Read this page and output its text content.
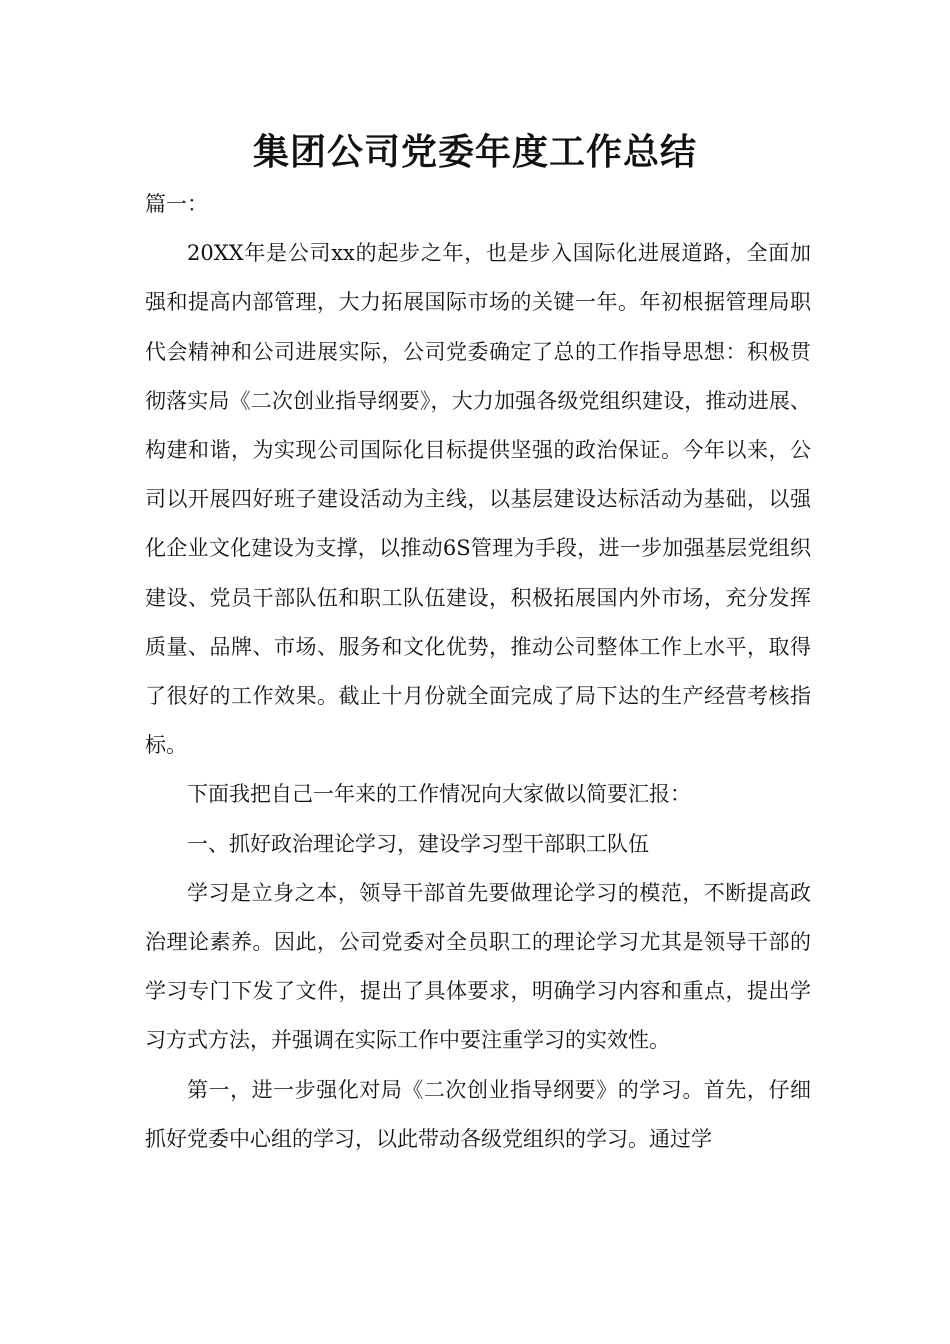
集团公司党委年度工作总结

篇一：

20XX年是公司xx的起步之年，也是步入国际化进展道路，全面加强和提高内部管理，大力拓展国际市场的关键一年。年初根据管理局职代会精神和公司进展实际，公司党委确定了总的工作指导思想：积极贯彻落实局《二次创业指导纲要》，大力加强各级党组织建设，推动进展、构建和谐，为实现公司国际化目标提供坚强的政治保证。今年以来，公司以开展四好班子建设活动为主线，以基层建设达标活动为基础，以强化企业文化建设为支撑，以推动6S管理为手段，进一步加强基层党组织建设、党员干部队伍和职工队伍建设，积极拓展国内外市场，充分发挥质量、品牌、市场、服务和文化优势，推动公司整体工作上水平，取得了很好的工作效果。截止十月份就全面完成了局下达的生产经营考核指标。

下面我把自己一年来的工作情况向大家做以简要汇报：

一、抓好政治理论学习，建设学习型干部职工队伍

学习是立身之本，领导干部首先要做理论学习的模范，不断提高政治理论素养。因此，公司党委对全员职工的理论学习尤其是领导干部的学习专门下发了文件，提出了具体要求，明确学习内容和重点，提出学习方式方法，并强调在实际工作中要注重学习的实效性。

第一，进一步强化对局《二次创业指导纲要》的学习。首先，仔细抓好党委中心组的学习，以此带动各级党组织的学习。通过学
